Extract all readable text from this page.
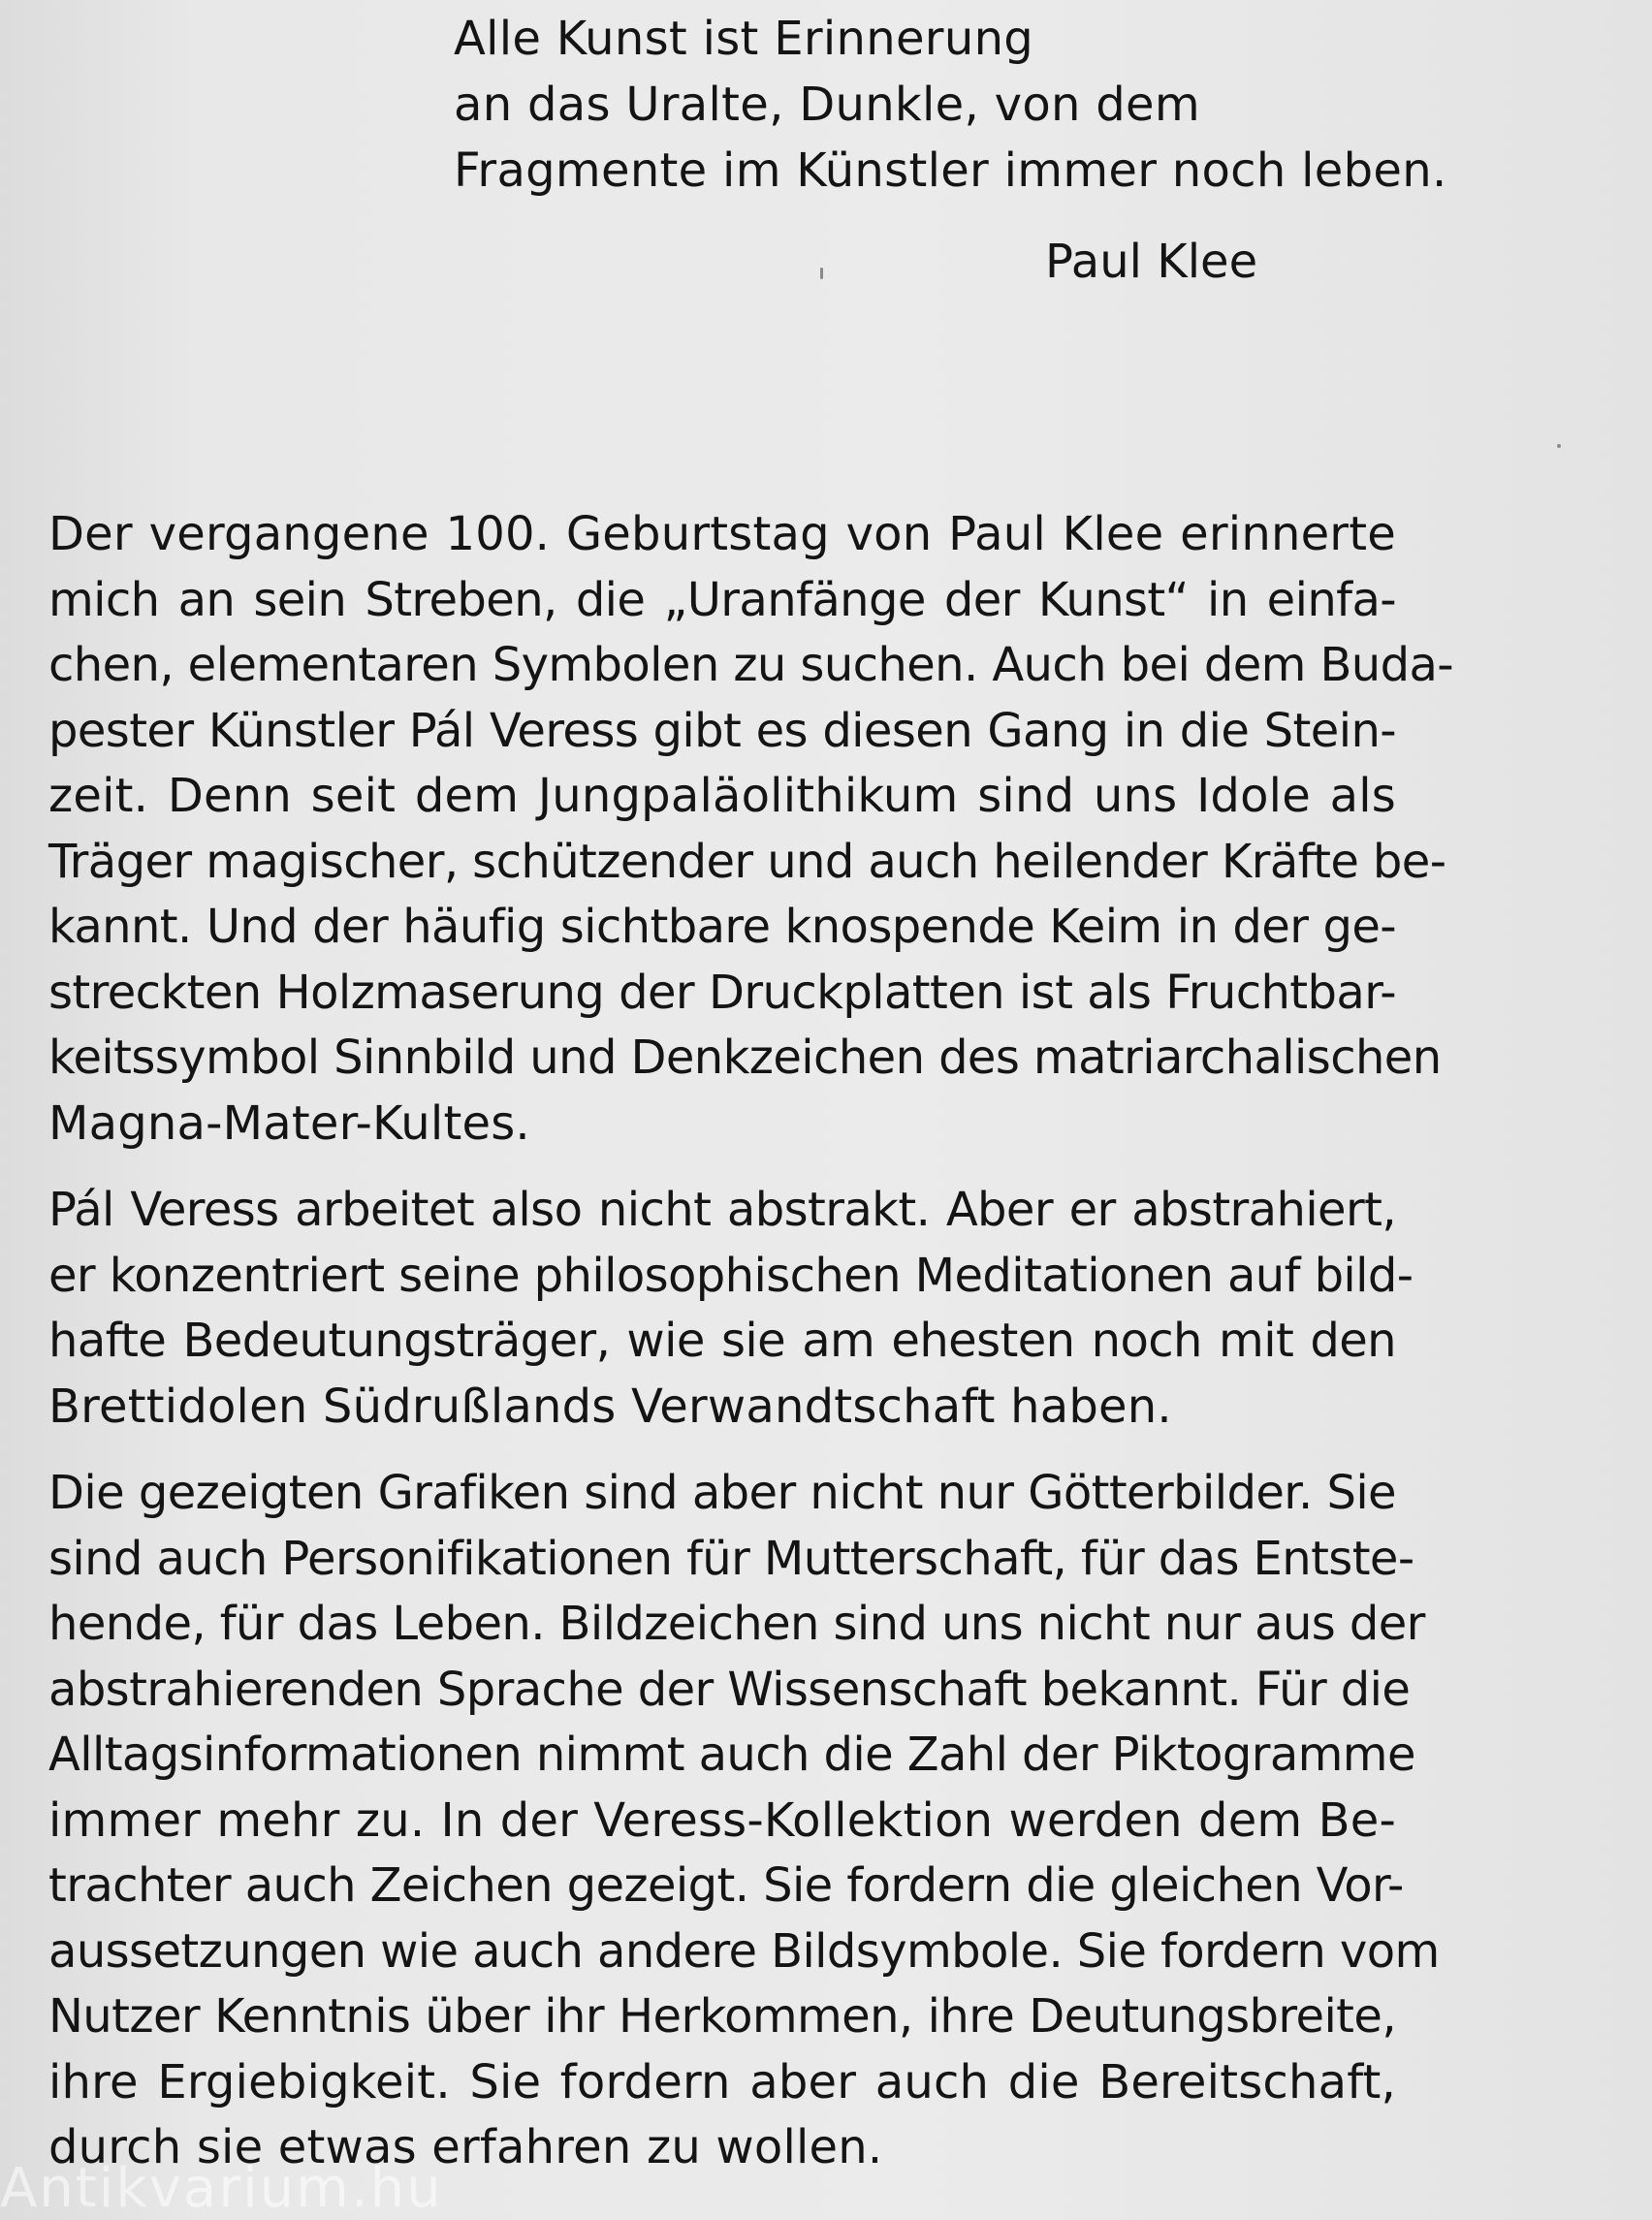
Alle Kunst ist Erinnerung
an das Uralte, Dunkle, von dem
Fragmente im Künstler immer noch leben.
Paul Klee
Der vergangene 100. Geburtstag von Paul Klee erinnerte
mich an sein Streben, die „Uranfänge der Kunst“ in einfa-
chen, elementaren Symbolen zu suchen. Auch bei dem Buda-
pester Künstler Pál Veress gibt es diesen Gang in die Stein-
zeit. Denn seit dem Jungpaläolithikum sind uns Idole als
Träger magischer, schützender und auch heilender Kräfte be-
kannt. Und der häufig sichtbare knospende Keim in der ge-
streckten Holzmaserung der Druckplatten ist als Fruchtbar-
keitssymbol Sinnbild und Denkzeichen des matriarchalischen
Magna-Mater-Kultes.
Pál Veress arbeitet also nicht abstrakt. Aber er abstrahiert,
er konzentriert seine philosophischen Meditationen auf bild-
hafte Bedeutungsträger, wie sie am ehesten noch mit den
Brettidolen Südrußlands Verwandtschaft haben.
Die gezeigten Grafiken sind aber nicht nur Götterbilder. Sie
sind auch Personifikationen für Mutterschaft, für das Entste-
hende, für das Leben. Bildzeichen sind uns nicht nur aus der
abstrahierenden Sprache der Wissenschaft bekannt. Für die
Alltagsinformationen nimmt auch die Zahl der Piktogramme
immer mehr zu. In der Veress-Kollektion werden dem Be-
trachter auch Zeichen gezeigt. Sie fordern die gleichen Vor-
aussetzungen wie auch andere Bildsymbole. Sie fordern vom
Nutzer Kenntnis über ihr Herkommen, ihre Deutungsbreite,
ihre Ergiebigkeit. Sie fordern aber auch die Bereitschaft,
durch sie etwas erfahren zu wollen.
Antikvarium.hu
